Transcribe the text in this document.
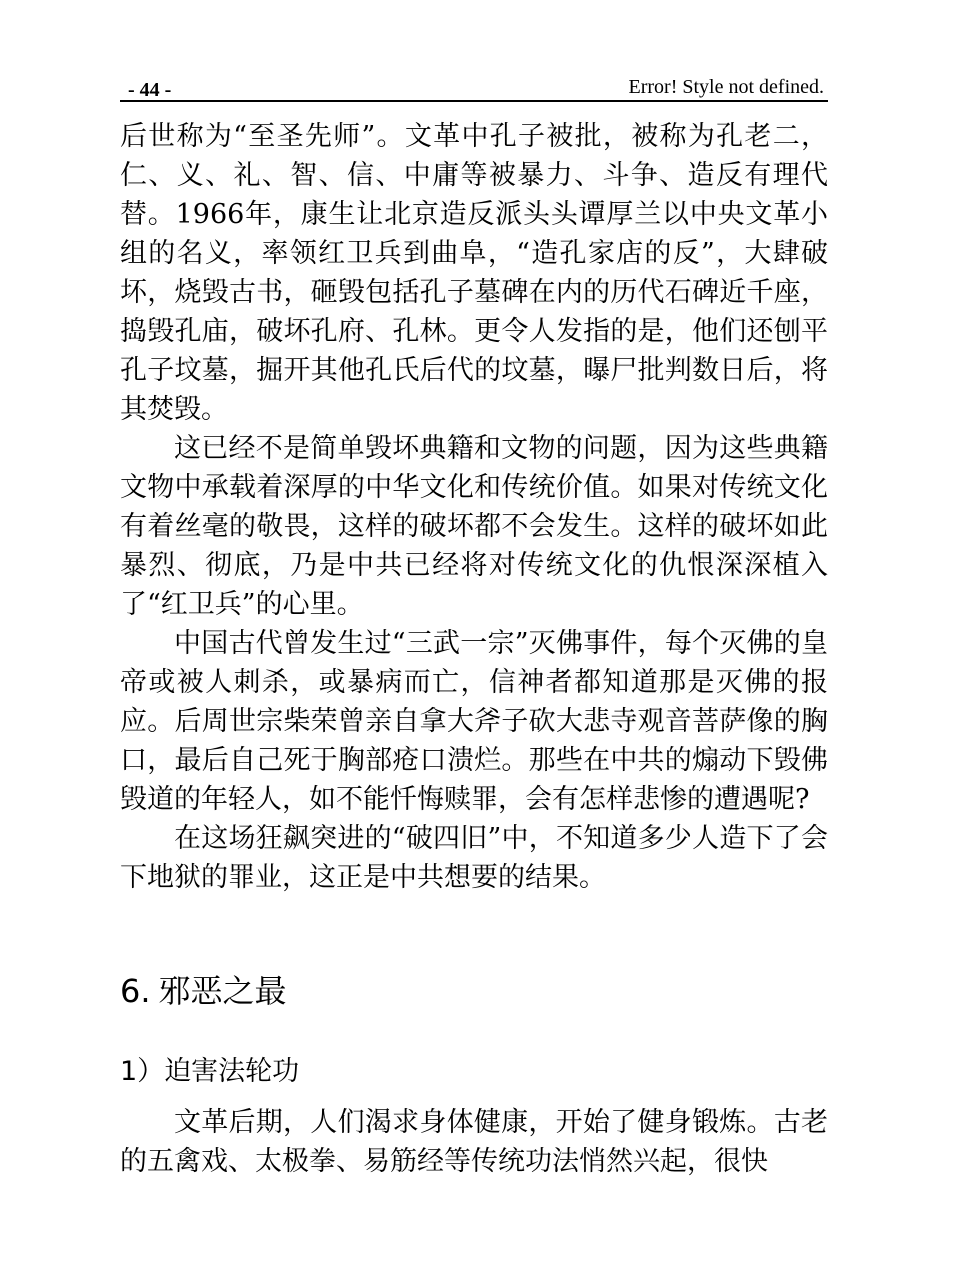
- 44 -	Error! Style not defined.

后世称为“至圣先师”。文革中孔子被批，被称为孔老二，仁、义、礼、智、信、中庸等被暴力、斗争、造反有理代替。1966年，康生让北京造反派头头谭厚兰以中央文革小组的名义，率领红卫兵到曲阜，“造孔家店的反”，大肆破坏，烧毁古书，砸毁包括孔子墓碑在内的历代石碑近千座，捣毁孔庙，破坏孔府、孔林。更令人发指的是，他们还刨平孔子坟墓，掘开其他孔氏后代的坟墓，曝尸批判数日后，将其焚毁。

这已经不是简单毁坏典籍和文物的问题，因为这些典籍文物中承载着深厚的中华文化和传统价值。如果对传统文化有着丝毫的敬畏，这样的破坏都不会发生。这样的破坏如此暴烈、彻底，乃是中共已经将对传统文化的仇恨深深植入了“红卫兵”的心里。

中国古代曾发生过“三武一宗”灭佛事件，每个灭佛的皇帝或被人刺杀，或暴病而亡，信神者都知道那是灭佛的报应。后周世宗柴荣曾亲自拿大斧子砍大悲寺观音菩萨像的胸口，最后自己死于胸部疮口溃烂。那些在中共的煽动下毁佛毁道的年轻人，如不能忏悔赎罪，会有怎样悲惨的遭遇呢?

在这场狂飙突进的“破四旧”中，不知道多少人造下了会下地狱的罪业，这正是中共想要的结果。

6. 邪恶之最
1）迫害法轮功

文革后期，人们渴求身体健康，开始了健身锻炼。古老的五禽戏、太极拳、易筋经等传统功法悄然兴起，很快
